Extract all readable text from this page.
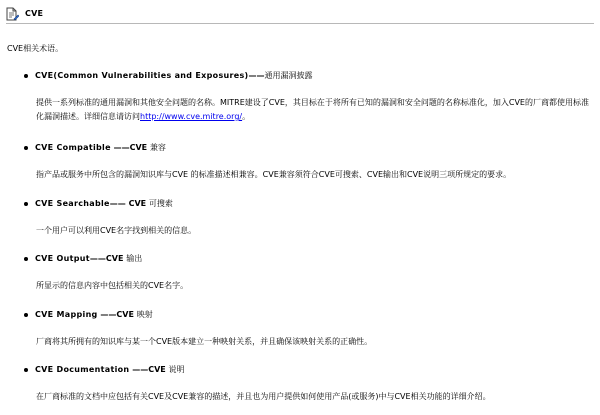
CVE
CVE相关术语。
CVE(Common Vulnerabilities and Exposures) —— 通用漏洞披露
提供一系列标准的通用漏洞和其他安全问题的名称。MITRE建设了CVE，其目标在于将所有已知的漏洞和安全问题的名称标准化，加入CVE的厂商都使用标准化漏洞描述。详细信息请访问http://www.cve.mitre.org/。
CVE Compatible ——CVE 兼容
指产品或服务中所包含的漏洞知识库与CVE 的标准描述相兼容。CVE兼容须符合CVE可搜索、CVE输出和CVE说明三项所规定的要求。
CVE Searchable —— CVE 可搜索
一个用户可以利用CVE名字找到相关的信息。
CVE Output ——CVE 输出
所显示的信息内容中包括相关的CVE名字。
CVE Mapping ——CVE 映射
厂商将其所拥有的知识库与某一个CVE版本建立一种映射关系，并且确保该映射关系的正确性。
CVE Documentation ——CVE 说明
在厂商标准的文档中应包括有关CVE及CVE兼容的描述，并且也为用户提供如何使用产品(或服务)中与CVE相关功能的详细介绍。
